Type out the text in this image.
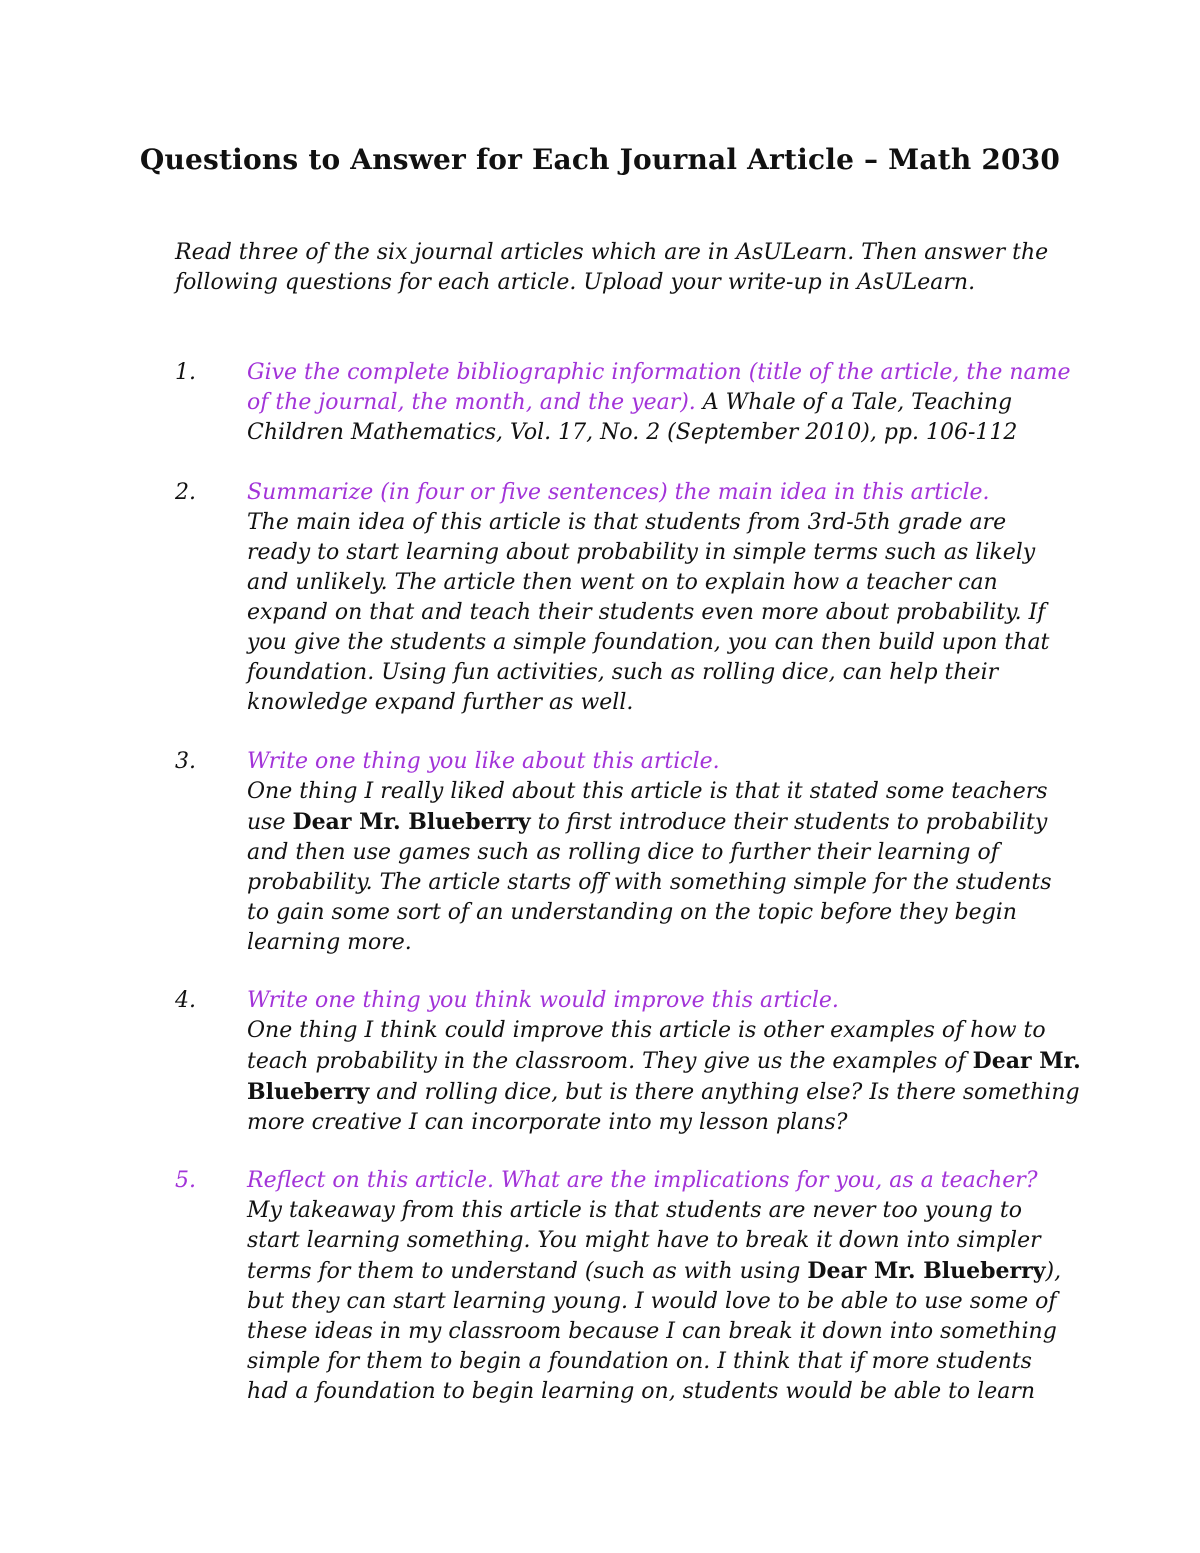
Questions to Answer for Each Journal Article – Math 2030

Read three of the six journal articles which are in AsULearn. Then answer the
following questions for each article. Upload your write-up in AsULearn.

1. Give the complete bibliographic information (title of the article, the name
of the journal, the month, and the year). A Whale of a Tale, Teaching
Children Mathematics, Vol. 17, No. 2 (September 2010), pp. 106-112
2. Summarize (in four or five sentences) the main idea in this article.
The main idea of this article is that students from 3rd-5th grade are
ready to start learning about probability in simple terms such as likely
and unlikely. The article then went on to explain how a teacher can
expand on that and teach their students even more about probability. If
you give the students a simple foundation, you can then build upon that
foundation. Using fun activities, such as rolling dice, can help their
knowledge expand further as well.
3. Write one thing you like about this article.
One thing I really liked about this article is that it stated some teachers
use Dear Mr. Blueberry to first introduce their students to probability
and then use games such as rolling dice to further their learning of
probability. The article starts off with something simple for the students
to gain some sort of an understanding on the topic before they begin
learning more.
4. Write one thing you think would improve this article.
One thing I think could improve this article is other examples of how to
teach probability in the classroom. They give us the examples of Dear Mr.
Blueberry and rolling dice, but is there anything else? Is there something
more creative I can incorporate into my lesson plans?
5. Reflect on this article. What are the implications for you, as a teacher?
My takeaway from this article is that students are never too young to
start learning something. You might have to break it down into simpler
terms for them to understand (such as with using Dear Mr. Blueberry),
but they can start learning young. I would love to be able to use some of
these ideas in my classroom because I can break it down into something
simple for them to begin a foundation on. I think that if more students
had a foundation to begin learning on, students would be able to learn
